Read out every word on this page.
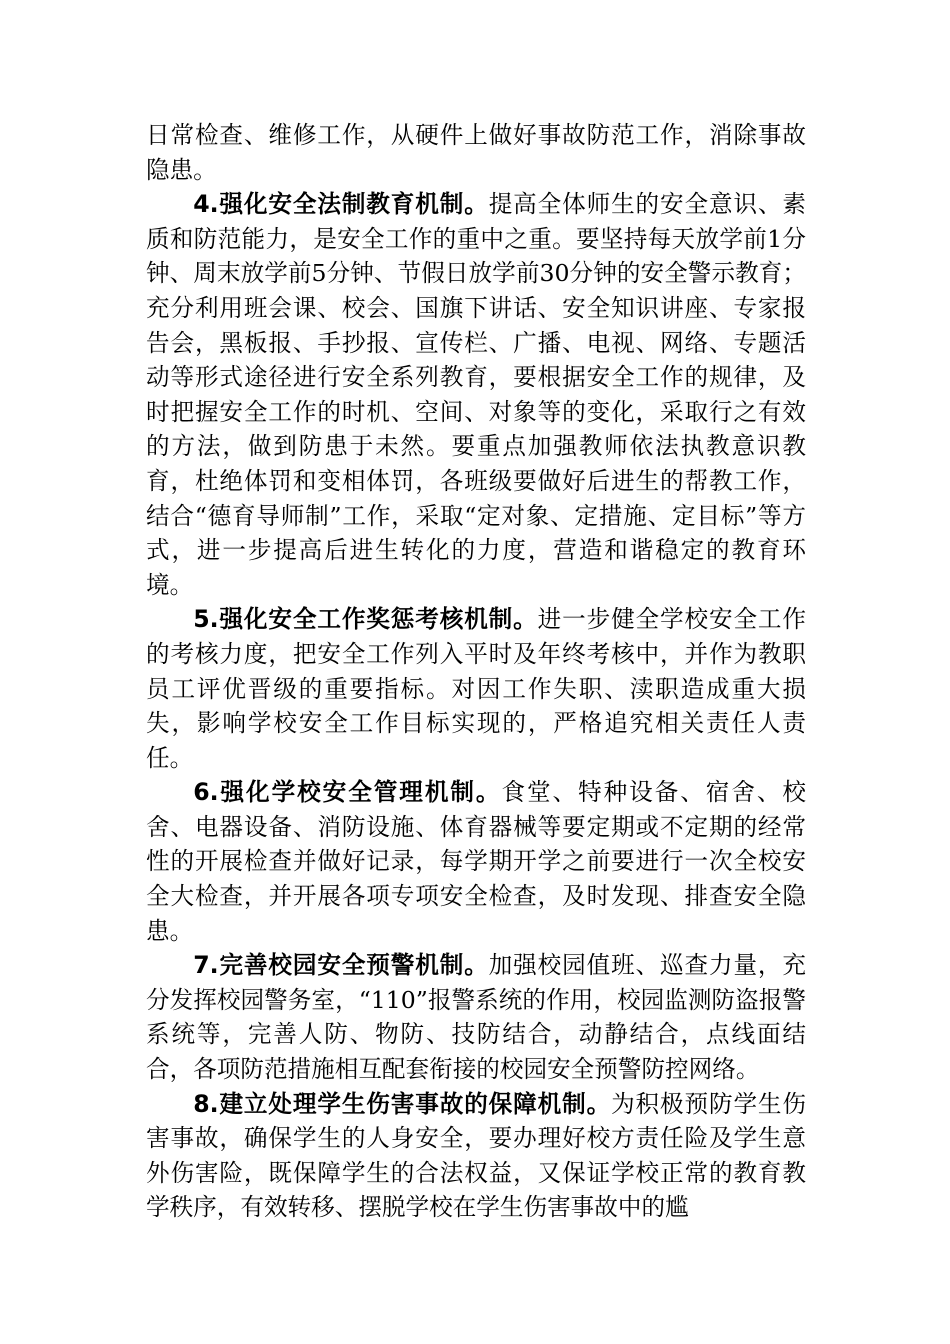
日常检查、维修工作，从硬件上做好事故防范工作，消除事故隐患。

4.强化安全法制教育机制。提高全体师生的安全意识、素质和防范能力，是安全工作的重中之重。要坚持每天放学前1分钟、周末放学前5分钟、节假日放学前30分钟的安全警示教育；充分利用班会课、校会、国旗下讲话、安全知识讲座、专家报告会，黑板报、手抄报、宣传栏、广播、电视、网络、专题活动等形式途径进行安全系列教育，要根据安全工作的规律，及时把握安全工作的时机、空间、对象等的变化，采取行之有效的方法，做到防患于未然。要重点加强教师依法执教意识教育，杜绝体罚和变相体罚，各班级要做好后进生的帮教工作，结合“德育导师制”工作，采取“定对象、定措施、定目标”等方式，进一步提高后进生转化的力度，营造和谐稳定的教育环境。

5.强化安全工作奖惩考核机制。进一步健全学校安全工作的考核力度，把安全工作列入平时及年终考核中，并作为教职员工评优晋级的重要指标。对因工作失职、渎职造成重大损失，影响学校安全工作目标实现的，严格追究相关责任人责任。

6.强化学校安全管理机制。食堂、特种设备、宿舍、校舍、电器设备、消防设施、体育器械等要定期或不定期的经常性的开展检查并做好记录，每学期开学之前要进行一次全校安全大检查，并开展各项专项安全检查，及时发现、排查安全隐患。

7.完善校园安全预警机制。加强校园值班、巡查力量，充分发挥校园警务室，“110”报警系统的作用，校园监测防盗报警系统等，完善人防、物防、技防结合，动静结合，点线面结合，各项防范措施相互配套衔接的校园安全预警防控网络。

8.建立处理学生伤害事故的保障机制。为积极预防学生伤害事故，确保学生的人身安全，要办理好校方责任险及学生意外伤害险，既保障学生的合法权益，又保证学校正常的教育教学秩序，有效转移、摆脱学校在学生伤害事故中的尴
